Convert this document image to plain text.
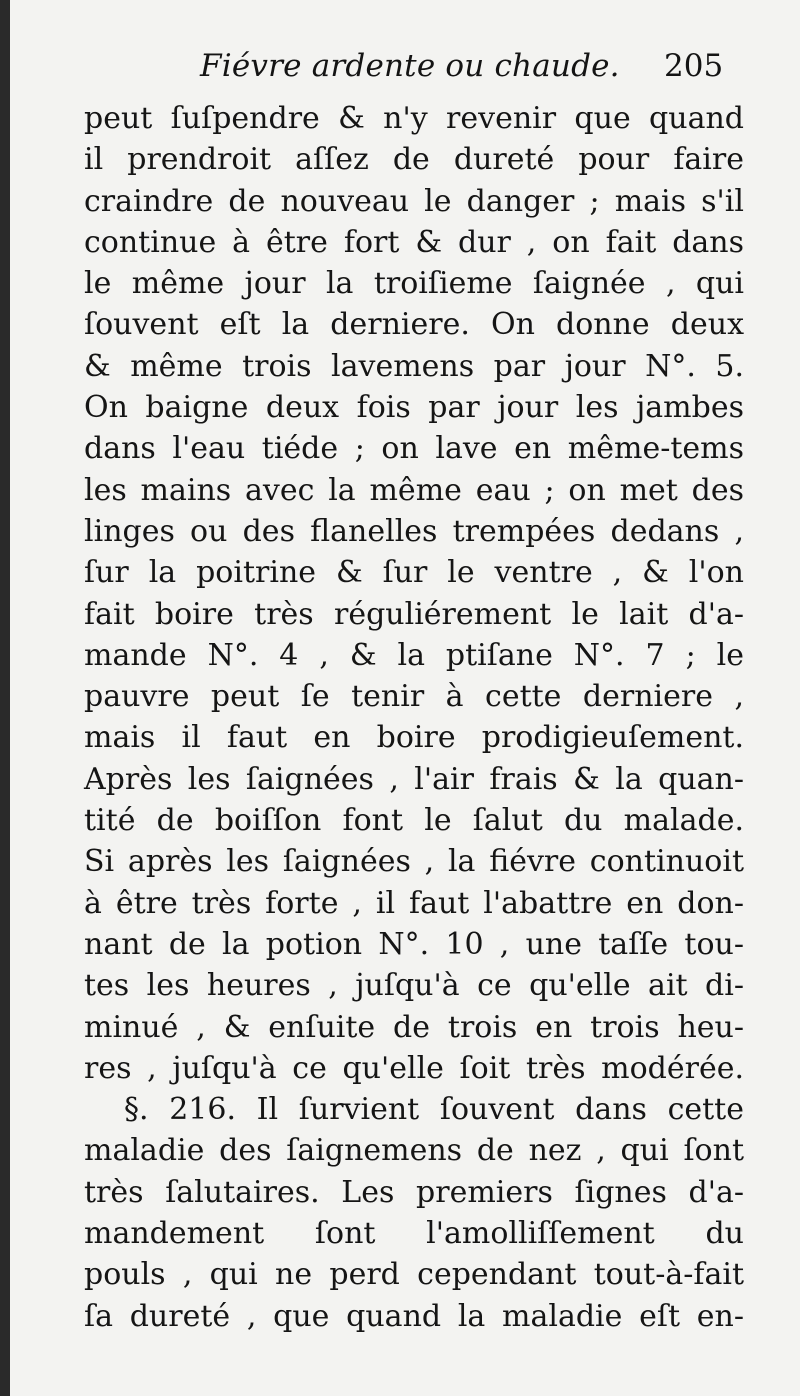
Fiévre ardente ou chaude. 205
peut ſuſpendre & n'y revenir que quand
il prendroit aſſez de dureté pour faire
craindre de nouveau le danger ; mais s'il
continue à être fort & dur , on fait dans
le même jour la troiſieme ſaignée , qui
ſouvent eſt la derniere. On donne deux
& même trois lavemens par jour N°. 5.
On baigne deux fois par jour les jambes
dans l'eau tiéde ; on lave en même-tems
les mains avec la même eau ; on met des
linges ou des flanelles trempées dedans ,
ſur la poitrine & ſur le ventre , & l'on
fait boire très réguliérement le lait d'a-
mande N°. 4 , & la ptiſane N°. 7 ; le
pauvre peut ſe tenir à cette derniere ,
mais il faut en boire prodigieuſement.
Après les ſaignées , l'air frais & la quan-
tité de boiſſon font le ſalut du malade.
Si après les ſaignées , la fiévre continuoit
à être très forte , il faut l'abattre en don-
nant de la potion N°. 10 , une taſſe tou-
tes les heures , juſqu'à ce qu'elle ait di-
minué , & enſuite de trois en trois heu-
res , juſqu'à ce qu'elle ſoit très modérée.
§. 216. Il ſurvient ſouvent dans cette
maladie des ſaignemens de nez , qui ſont
très ſalutaires. Les premiers ſignes d'a-
mandement ſont l'amolliſſement du
pouls , qui ne perd cependant tout-à-fait
ſa dureté , que quand la maladie eſt en-
